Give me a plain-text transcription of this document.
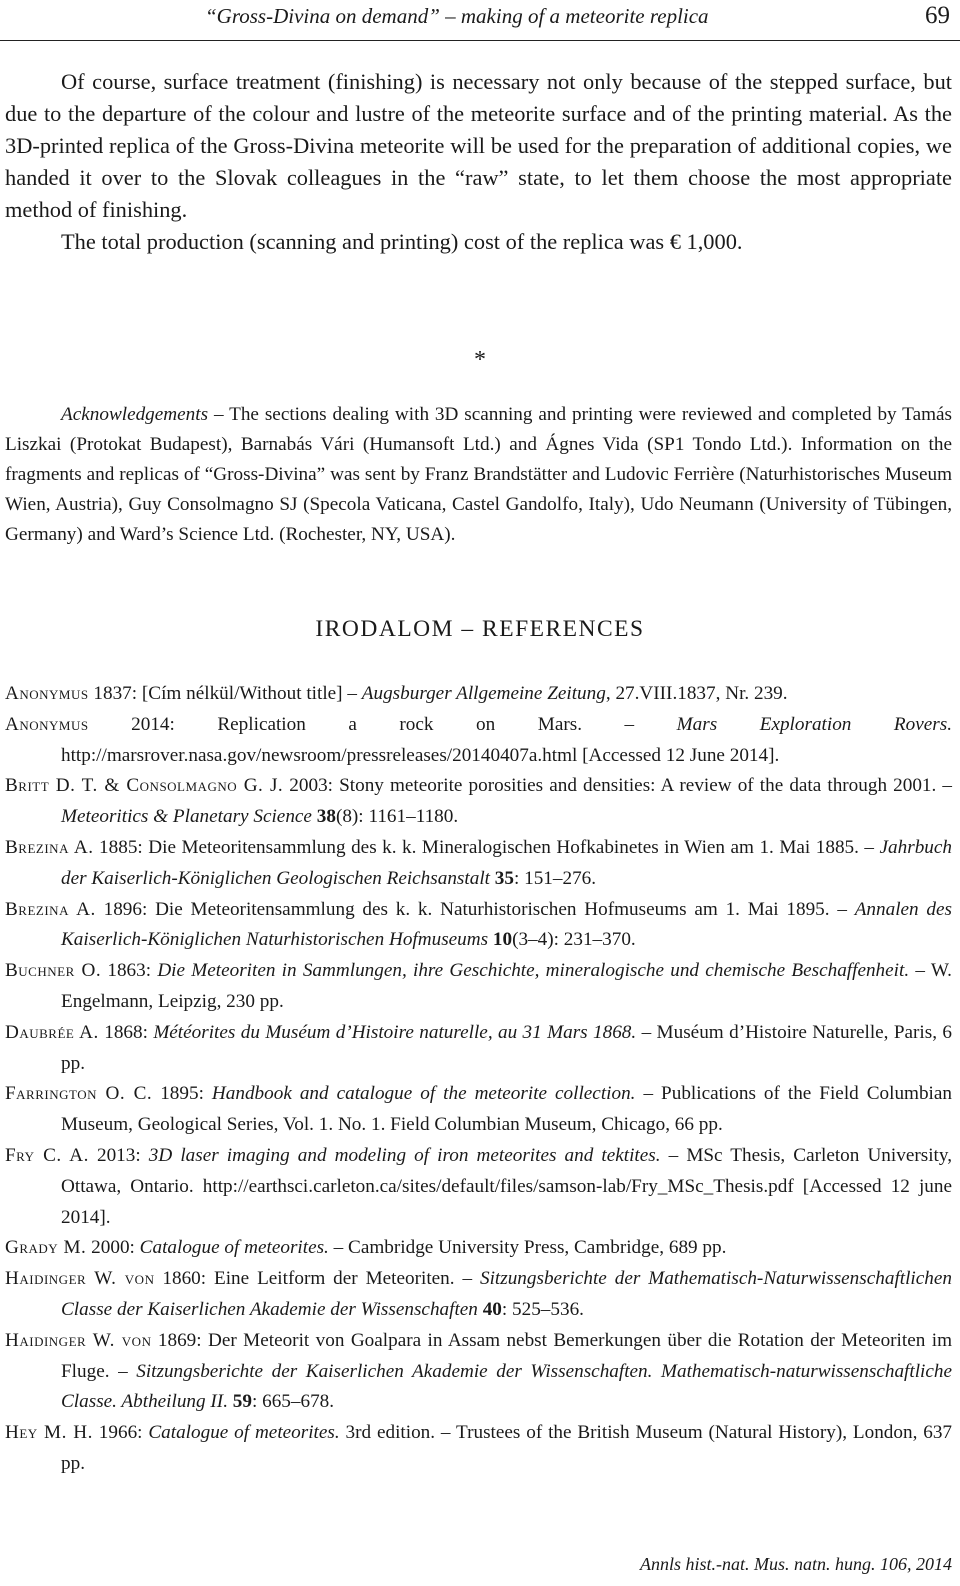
“Gross-Divina on demand” – making of a meteorite replica	69

Of course, surface treatment (finishing) is necessary not only because of the stepped surface, but due to the departure of the colour and lustre of the meteorite surface and of the printing material. As the 3D-printed replica of the Gross-Divina meteorite will be used for the preparation of additional copies, we handed it over to the Slovak colleagues in the “raw” state, to let them choose the most appropriate method of finishing.

The total production (scanning and printing) cost of the replica was € 1,000.

*

Acknowledgements – The sections dealing with 3D scanning and printing were reviewed and completed by Tamás Liszkai (Protokat Budapest), Barnabás Vári (Humansoft Ltd.) and Ágnes Vida (SP1 Tondo Ltd.). Information on the fragments and replicas of “Gross-Divina” was sent by Franz Brandstätter and Ludovic Ferrière (Naturhistorisches Museum Wien, Austria), Guy Consolmagno SJ (Specola Vaticana, Castel Gandolfo, Italy), Udo Neumann (University of Tübingen, Germany) and Ward’s Science Ltd. (Rochester, NY, USA).

IRODALOM – REFERENCES
Anonymus 1837: [Cím nélkül/Without title] – Augsburger Allgemeine Zeitung, 27.VIII.1837, Nr. 239.
Anonymus 2014: Replication a rock on Mars. – Mars Exploration Rovers. http://marsrover.nasa.gov/newsroom/pressreleases/20140407a.html [Accessed 12 June 2014].
Britt D. T. & Consolmagno G. J. 2003: Stony meteorite porosities and densities: A review of the data through 2001. – Meteoritics & Planetary Science 38(8): 1161–1180.
Brezina A. 1885: Die Meteoritensammlung des k. k. Mineralogischen Hofkabinetes in Wien am 1. Mai 1885. – Jahrbuch der Kaiserlich-Königlichen Geologischen Reichsanstalt 35: 151–276.
Brezina A. 1896: Die Meteoritensammlung des k. k. Naturhistorischen Hofmuseums am 1. Mai 1895. – Annalen des Kaiserlich-Königlichen Naturhistorischen Hofmuseums 10(3–4): 231–370.
Buchner O. 1863: Die Meteoriten in Sammlungen, ihre Geschichte, mineralogische und chemische Beschaffenheit. – W. Engelmann, Leipzig, 230 pp.
Daubrée A. 1868: Météorites du Muséum d’Histoire naturelle, au 31 Mars 1868. – Muséum d’Histoire Naturelle, Paris, 6 pp.
Farrington O. C. 1895: Handbook and catalogue of the meteorite collection. – Publications of the Field Columbian Museum, Geological Series, Vol. 1. No. 1. Field Columbian Museum, Chicago, 66 pp.
Fry C. A. 2013: 3D laser imaging and modeling of iron meteorites and tektites. – MSc Thesis, Carleton University, Ottawa, Ontario. http://earthsci.carleton.ca/sites/default/files/samson-lab/Fry_MSc_Thesis.pdf [Accessed 12 june 2014].
Grady M. 2000: Catalogue of meteorites. – Cambridge University Press, Cambridge, 689 pp.
Haidinger W. von 1860: Eine Leitform der Meteoriten. – Sitzungsberichte der Mathematisch-Naturwissenschaftlichen Classe der Kaiserlichen Akademie der Wissenschaften 40: 525–536.
Haidinger W. von 1869: Der Meteorit von Goalpara in Assam nebst Bemerkungen über die Rotation der Meteoriten im Fluge. – Sitzungsberichte der Kaiserlichen Akademie der Wissenschaften. Mathematisch-naturwissenschaftliche Classe. Abtheilung II. 59: 665–678.
Hey M. H. 1966: Catalogue of meteorites. 3rd edition. – Trustees of the British Museum (Natural History), London, 637 pp.
Annls hist.-nat. Mus. natn. hung. 106, 2014
